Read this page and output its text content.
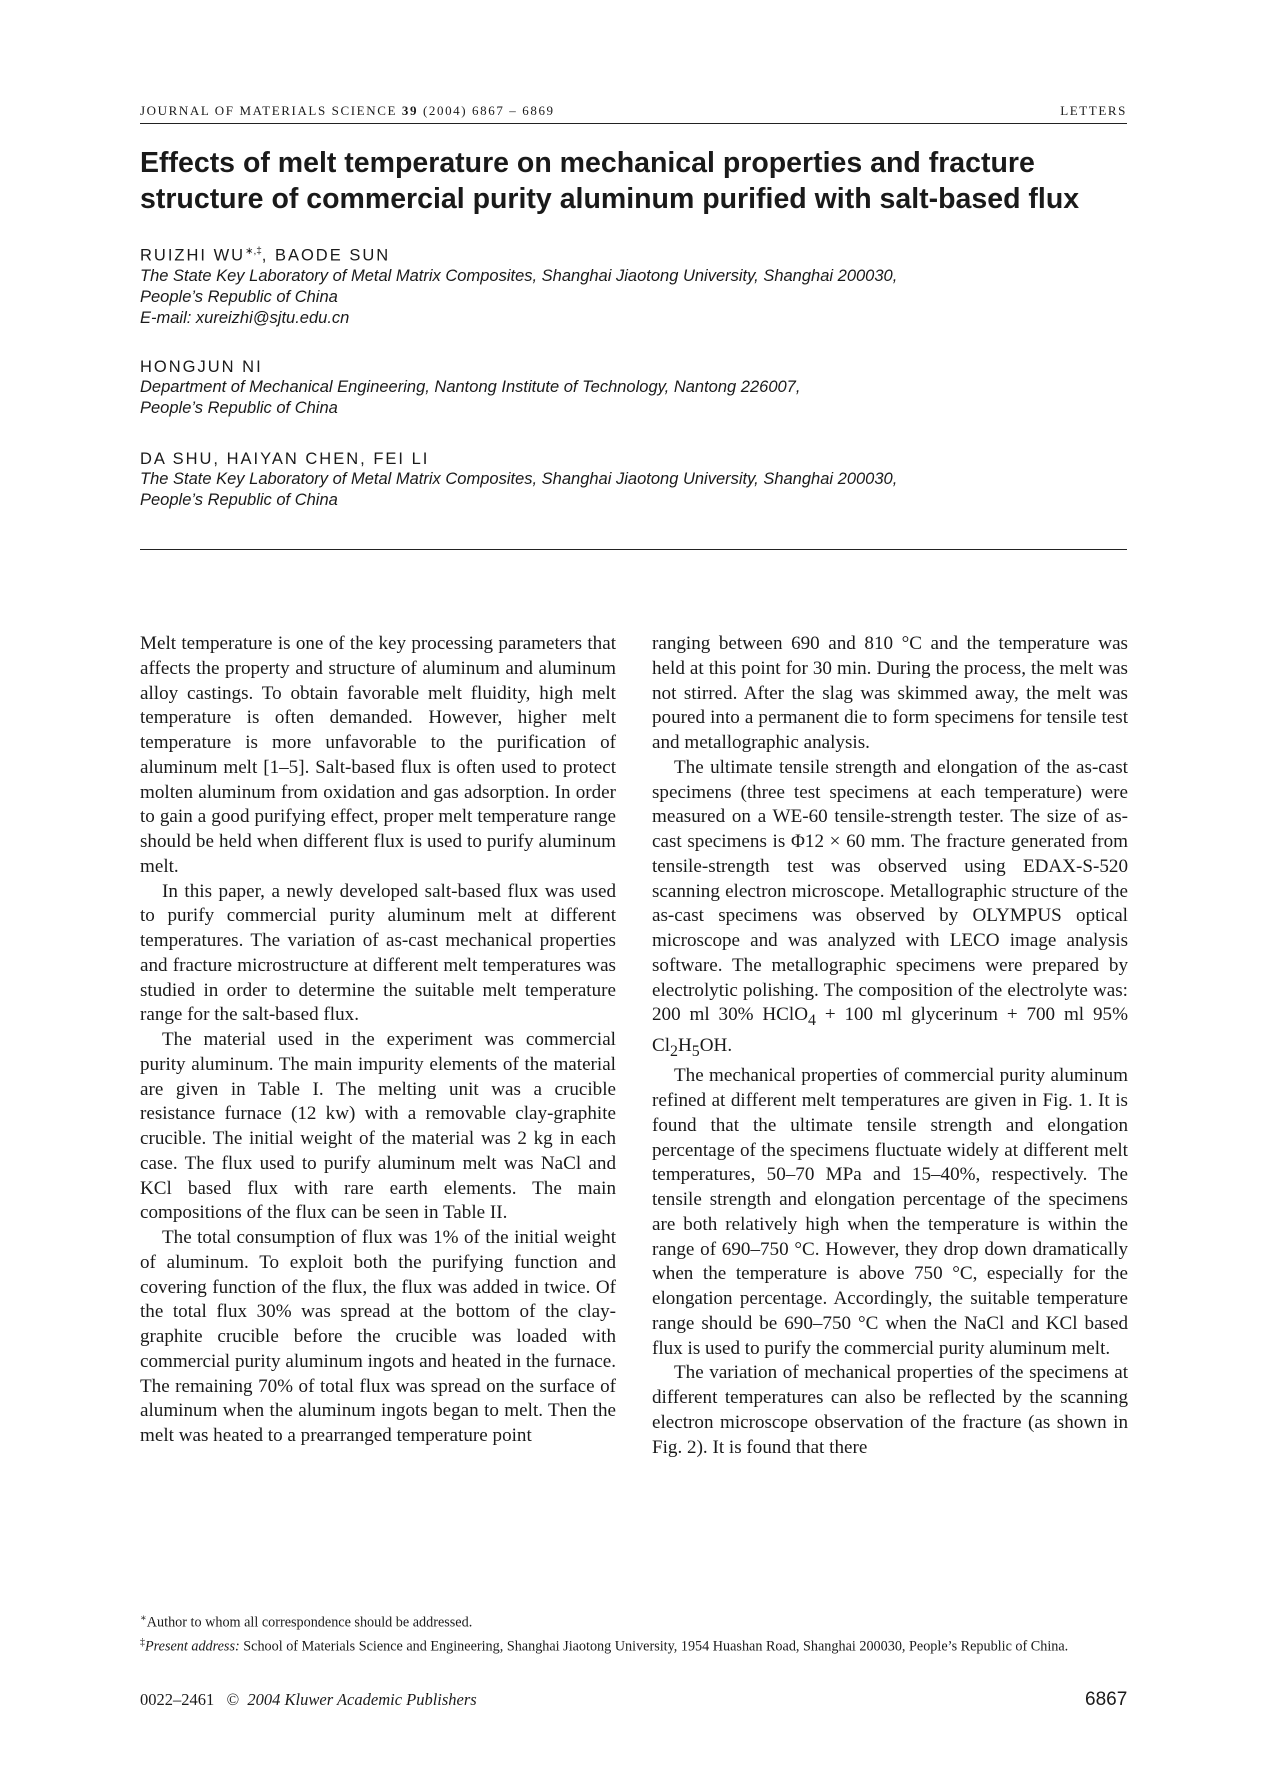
JOURNAL OF MATERIALS SCIENCE 39 (2004) 6867 – 6869	LETTERS
Effects of melt temperature on mechanical properties and fracture
structure of commercial purity aluminum purified with salt-based flux
RUIZHI WU∗,‡, BAODE SUN
The State Key Laboratory of Metal Matrix Composites, Shanghai Jiaotong University, Shanghai 200030,
People’s Republic of China
E-mail: xureizhi@sjtu.edu.cn
HONGJUN NI
Department of Mechanical Engineering, Nantong Institute of Technology, Nantong 226007,
People’s Republic of China
DA SHU, HAIYAN CHEN, FEI LI
The State Key Laboratory of Metal Matrix Composites, Shanghai Jiaotong University, Shanghai 200030,
People’s Republic of China

Melt temperature is one of the key processing parameters that affects the property and structure of aluminum and aluminum alloy castings. To obtain favorable melt fluidity, high melt temperature is often demanded. However, higher melt temperature is more unfavorable to the purification of aluminum melt [1–5]. Salt-based flux is often used to protect molten aluminum from oxidation and gas adsorption. In order to gain a good purifying effect, proper melt temperature range should be held when different flux is used to purify aluminum melt.

In this paper, a newly developed salt-based flux was used to purify commercial purity aluminum melt at different temperatures. The variation of as-cast mechanical properties and fracture microstructure at different melt temperatures was studied in order to determine the suitable melt temperature range for the salt-based flux.

The material used in the experiment was commercial purity aluminum. The main impurity elements of the material are given in Table I. The melting unit was a crucible resistance furnace (12 kw) with a removable clay-graphite crucible. The initial weight of the material was 2 kg in each case. The flux used to purify aluminum melt was NaCl and KCl based flux with rare earth elements. The main compositions of the flux can be seen in Table II.

The total consumption of flux was 1% of the initial weight of aluminum. To exploit both the purifying function and covering function of the flux, the flux was added in twice. Of the total flux 30% was spread at the bottom of the clay-graphite crucible before the crucible was loaded with commercial purity aluminum ingots and heated in the furnace. The remaining 70% of total flux was spread on the surface of aluminum when the aluminum ingots began to melt. Then the melt was heated to a prearranged temperature point

ranging between 690 and 810 °C and the temperature was held at this point for 30 min. During the process, the melt was not stirred. After the slag was skimmed away, the melt was poured into a permanent die to form specimens for tensile test and metallographic analysis.

The ultimate tensile strength and elongation of the as-cast specimens (three test specimens at each temperature) were measured on a WE-60 tensile-strength tester. The size of as-cast specimens is Φ12 × 60 mm. The fracture generated from tensile-strength test was observed using EDAX-S-520 scanning electron microscope. Metallographic structure of the as-cast specimens was observed by OLYMPUS optical microscope and was analyzed with LECO image analysis software. The metallographic specimens were prepared by electrolytic polishing. The composition of the electrolyte was: 200 ml 30% HClO$_4$ + 100 ml glycerinum + 700 ml 95% $Cl_2H_5OH$.

The mechanical properties of commercial purity aluminum refined at different melt temperatures are given in Fig. 1. It is found that the ultimate tensile strength and elongation percentage of the specimens fluctuate widely at different melt temperatures, 50–70 MPa and 15–40%, respectively. The tensile strength and elongation percentage of the specimens are both relatively high when the temperature is within the range of 690–750 °C. However, they drop down dramatically when the temperature is above 750 °C, especially for the elongation percentage. Accordingly, the suitable temperature range should be 690–750 °C when the NaCl and KCl based flux is used to purify the commercial purity aluminum melt.

The variation of mechanical properties of the specimens at different temperatures can also be reflected by the scanning electron microscope observation of the fracture (as shown in Fig. 2). It is found that there

∗Author to whom all correspondence should be addressed.

‡Present address: School of Materials Science and Engineering, Shanghai Jiaotong University, 1954 Huashan Road, Shanghai 200030, People’s Republic of China.

0022–2461 © 2004 Kluwer Academic Publishers	6867
